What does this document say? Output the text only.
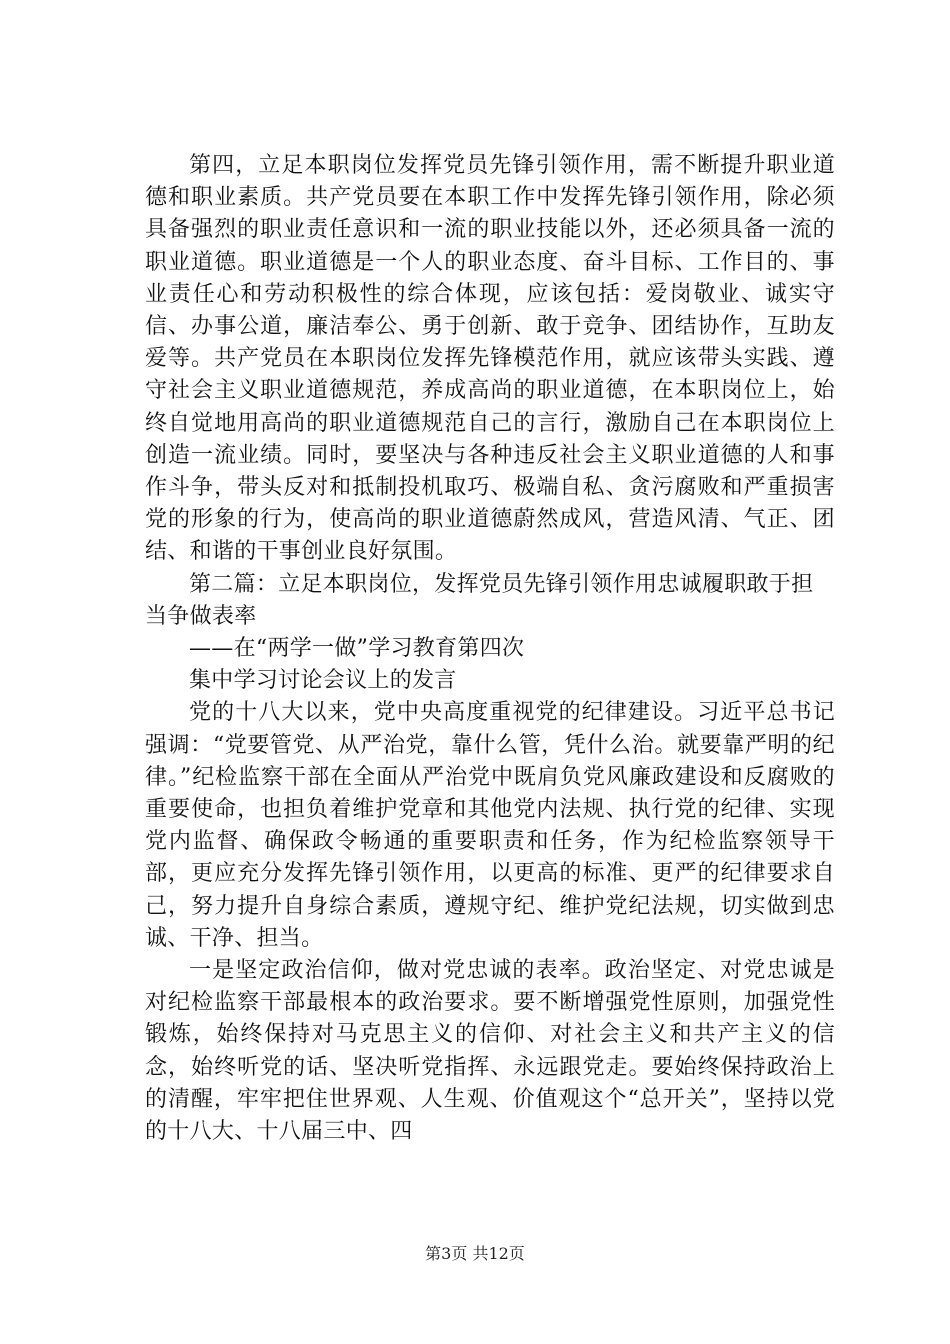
第四，立足本职岗位发挥党员先锋引领作用，需不断提升职业道德和职业素质。共产党员要在本职工作中发挥先锋引领作用，除必须具备强烈的职业责任意识和一流的职业技能以外，还必须具备一流的职业道德。职业道德是一个人的职业态度、奋斗目标、工作目的、事业责任心和劳动积极性的综合体现，应该包括：爱岗敬业、诚实守信、办事公道，廉洁奉公、勇于创新、敢于竞争、团结协作，互助友爱等。共产党员在本职岗位发挥先锋模范作用，就应该带头实践、遵守社会主义职业道德规范，养成高尚的职业道德，在本职岗位上，始终自觉地用高尚的职业道德规范自己的言行，激励自己在本职岗位上创造一流业绩。同时，要坚决与各种违反社会主义职业道德的人和事作斗争，带头反对和抵制投机取巧、极端自私、贪污腐败和严重损害党的形象的行为，使高尚的职业道德蔚然成风，营造风清、气正、团结、和谐的干事创业良好氛围。

第二篇：立足本职岗位，发挥党员先锋引领作用忠诚履职敢于担当争做表率

——在“两学一做”学习教育第四次

集中学习讨论会议上的发言

党的十八大以来，党中央高度重视党的纪律建设。习近平总书记强调：“党要管党、从严治党，靠什么管，凭什么治。就要靠严明的纪律。”纪检监察干部在全面从严治党中既肩负党风廉政建设和反腐败的重要使命，也担负着维护党章和其他党内法规、执行党的纪律、实现党内监督、确保政令畅通的重要职责和任务，作为纪检监察领导干部，更应充分发挥先锋引领作用，以更高的标准、更严的纪律要求自己，努力提升自身综合素质，遵规守纪、维护党纪法规，切实做到忠诚、干净、担当。

一是坚定政治信仰，做对党忠诚的表率。政治坚定、对党忠诚是对纪检监察干部最根本的政治要求。要不断增强党性原则，加强党性锻炼，始终保持对马克思主义的信仰、对社会主义和共产主义的信念，始终听党的话、坚决听党指挥、永远跟党走。要始终保持政治上的清醒，牢牢把住世界观、人生观、价值观这个“总开关”，坚持以党的十八大、十八届三中、四

第3页 共12页
